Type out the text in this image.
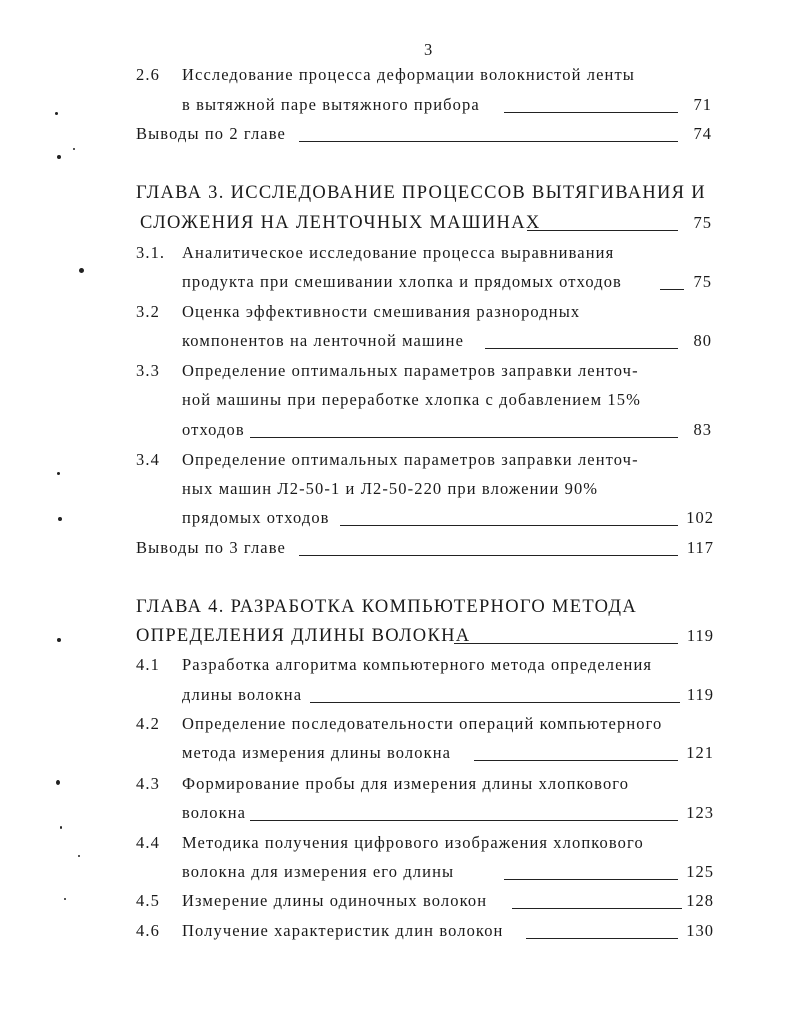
3
2.6 Исследование процесса деформации волокнистой ленты
в вытяжной паре вытяжного прибора	71
Выводы по 2 главе	74
ГЛАВА 3. ИССЛЕДОВАНИЕ ПРОЦЕССОВ ВЫТЯГИВАНИЯ И
СЛОЖЕНИЯ НА ЛЕНТОЧНЫХ МАШИНАХ	75
3.1. Аналитическое исследование процесса выравнивания
продукта при смешивании хлопка и прядомых отходов	75
3.2 Оценка эффективности смешивания разнородных
компонентов на ленточной машине	80
3.3 Определение оптимальных параметров заправки ленточ-
ной машины при переработке хлопка с добавлением 15%
отходов	83
3.4 Определение оптимальных параметров заправки ленточ-
ных машин Л2-50-1 и Л2-50-220 при вложении 90%
прядомых отходов	102
Выводы по 3 главе	117
ГЛАВА 4. РАЗРАБОТКА КОМПЬЮТЕРНОГО МЕТОДА
ОПРЕДЕЛЕНИЯ ДЛИНЫ ВОЛОКНА	119
4.1 Разработка алгоритма компьютерного метода определения
длины волокна	119
4.2 Определение последовательности операций компьютерного
метода измерения длины волокна	121
4.3 Формирование пробы для измерения длины хлопкового
волокна	123
4.4 Методика получения цифрового изображения хлопкового
волокна для измерения его длины	125
4.5 Измерение длины одиночных волокон	128
4.6 Получение характеристик длин волокон	130
